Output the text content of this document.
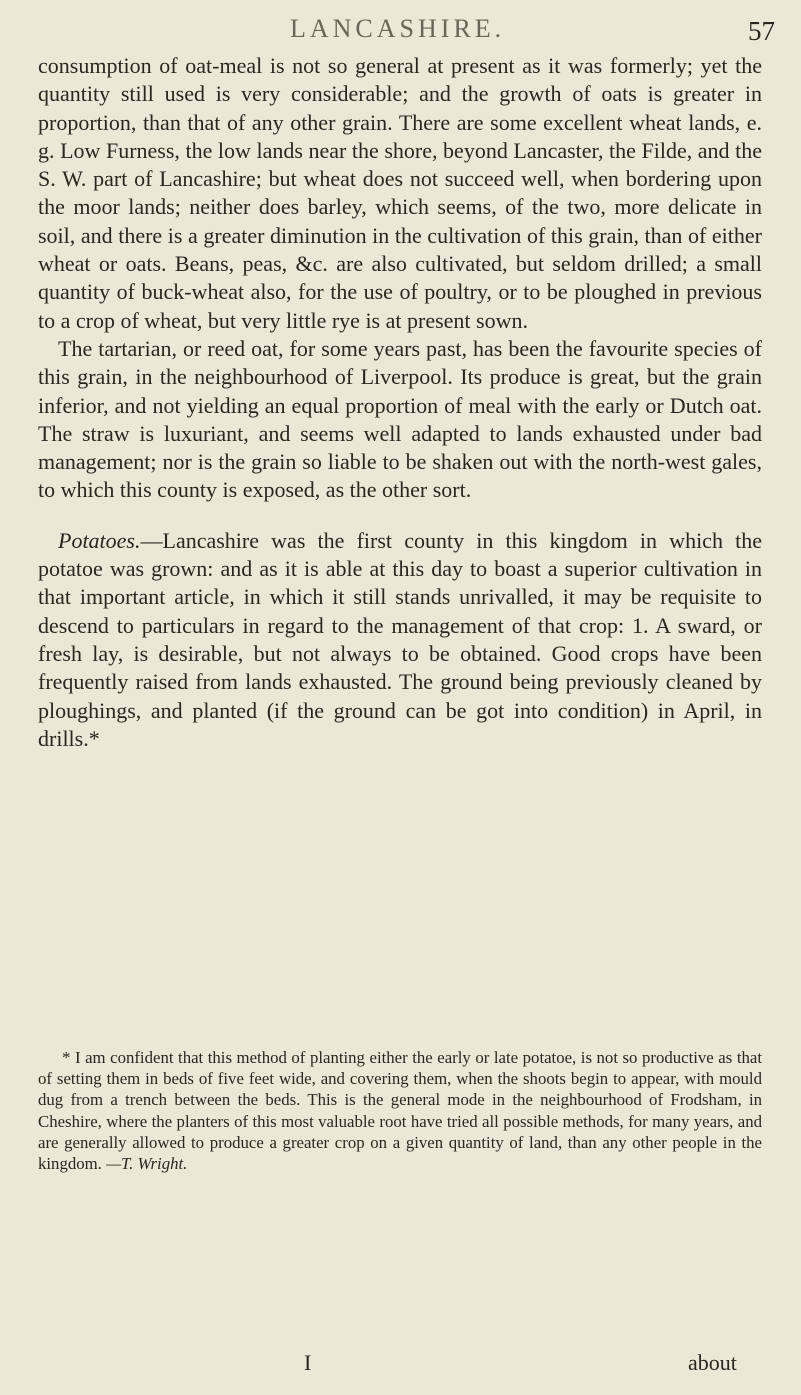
LANCASHIRE.	57

consumption of oat-meal is not so general at present as it was formerly; yet the quantity still used is very considerable; and the growth of oats is greater in proportion, than that of any other grain. There are some excellent wheat lands, e. g. Low Furness, the low lands near the shore, beyond Lancaster, the Filde, and the S. W. part of Lancashire; but wheat does not succeed well, when bordering upon the moor lands; neither does barley, which seems, of the two, more delicate in soil, and there is a greater diminution in the cultivation of this grain, than of either wheat or oats. Beans, peas, &c. are also cultivated, but seldom drilled; a small quantity of buck-wheat also, for the use of poultry, or to be ploughed in previous to a crop of wheat, but very little rye is at present sown.

The tartarian, or reed oat, for some years past, has been the favourite species of this grain, in the neighbourhood of Liverpool. Its produce is great, but the grain inferior, and not yielding an equal proportion of meal with the early or Dutch oat. The straw is luxuriant, and seems well adapted to lands exhausted under bad management; nor is the grain so liable to be shaken out with the north-west gales, to which this county is exposed, as the other sort.

Potatoes.—Lancashire was the first county in this kingdom in which the potatoe was grown: and as it is able at this day to boast a superior cultivation in that important article, in which it still stands unrivalled, it may be requisite to descend to particulars in regard to the management of that crop: 1. A sward, or fresh lay, is desirable, but not always to be obtained. Good crops have been frequently raised from lands exhausted. The ground being previously cleaned by ploughings, and planted (if the ground can be got into condition) in April, in drills.*

* I am confident that this method of planting either the early or late potatoe, is not so productive as that of setting them in beds of five feet wide, and covering them, when the shoots begin to appear, with mould dug from a trench between the beds. This is the general mode in the neighbourhood of Frodsham, in Cheshire, where the planters of this most valuable root have tried all possible methods, for many years, and are generally allowed to produce a greater crop on a given quantity of land, than any other people in the kingdom. —T. Wright.
I	about
